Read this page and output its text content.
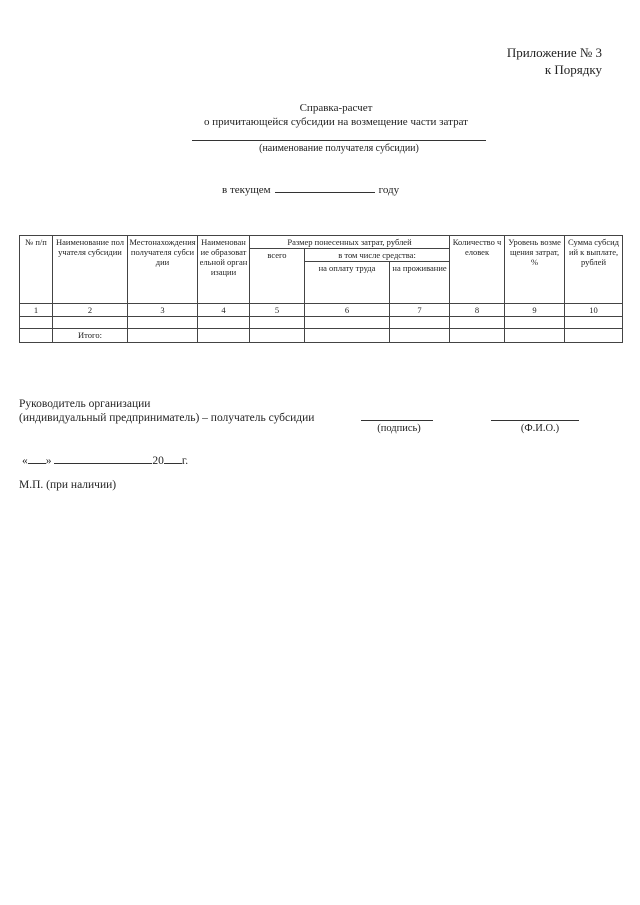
Приложение № 3
к Порядку
Справка-расчет
о причитающейся субсидии на возмещение части затрат
(наименование получателя субсидии)
в текущем	году
№ п/п	Наименование получателя субсидии	Местонахождения получателя субсидии	Наименование образовательной организации	Размер понесенных затрат, рублей			Количество человек	Уровень возмещения затрат, %	Сумма субсидий к выплате, рублей
				всего	в том числе средства:				
					на оплату труда	на проживание			
1	2	3	4	5	6	7	8	9	10

	Итого:								
Руководитель организации
(индивидуальный предприниматель) – получатель субсидии
(подпись)	(Ф.И.О.)
« »	20 г.
М.П. (при наличии)
